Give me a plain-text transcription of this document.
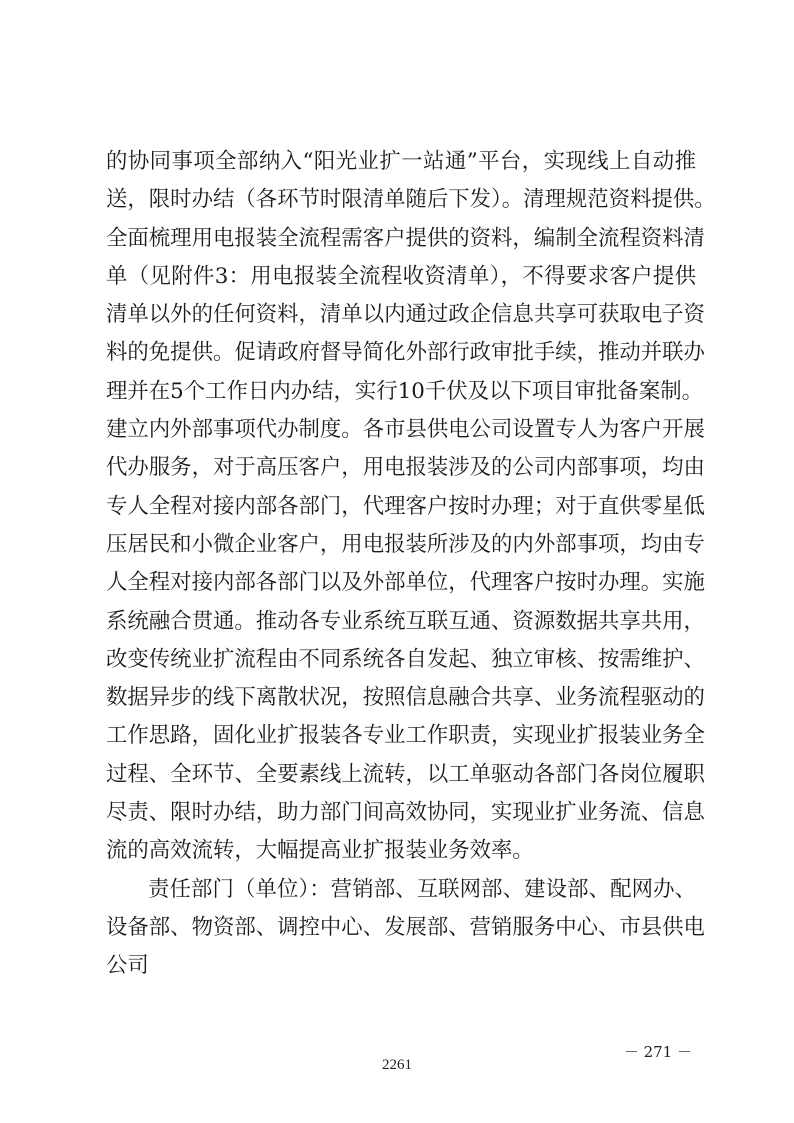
的协同事项全部纳入“阳光业扩一站通”平台，实现线上自动推
送，限时办结（各环节时限清单随后下发）。清理规范资料提供。
全面梳理用电报装全流程需客户提供的资料，编制全流程资料清
单（见附件3：用电报装全流程收资清单），不得要求客户提供
清单以外的任何资料，清单以内通过政企信息共享可获取电子资
料的免提供。促请政府督导简化外部行政审批手续，推动并联办
理并在5个工作日内办结，实行10千伏及以下项目审批备案制。
建立内外部事项代办制度。各市县供电公司设置专人为客户开展
代办服务，对于高压客户，用电报装涉及的公司内部事项，均由
专人全程对接内部各部门，代理客户按时办理；对于直供零星低
压居民和小微企业客户，用电报装所涉及的内外部事项，均由专
人全程对接内部各部门以及外部单位，代理客户按时办理。实施
系统融合贯通。推动各专业系统互联互通、资源数据共享共用，
改变传统业扩流程由不同系统各自发起、独立审核、按需维护、
数据异步的线下离散状况，按照信息融合共享、业务流程驱动的
工作思路，固化业扩报装各专业工作职责，实现业扩报装业务全
过程、全环节、全要素线上流转，以工单驱动各部门各岗位履职
尽责、限时办结，助力部门间高效协同，实现业扩业务流、信息
流的高效流转，大幅提高业扩报装业务效率。
责任部门（单位）：营销部、互联网部、建设部、配网办、
设备部、物资部、调控中心、发展部、营销服务中心、市县供电
公司
－ 271 －
2261
